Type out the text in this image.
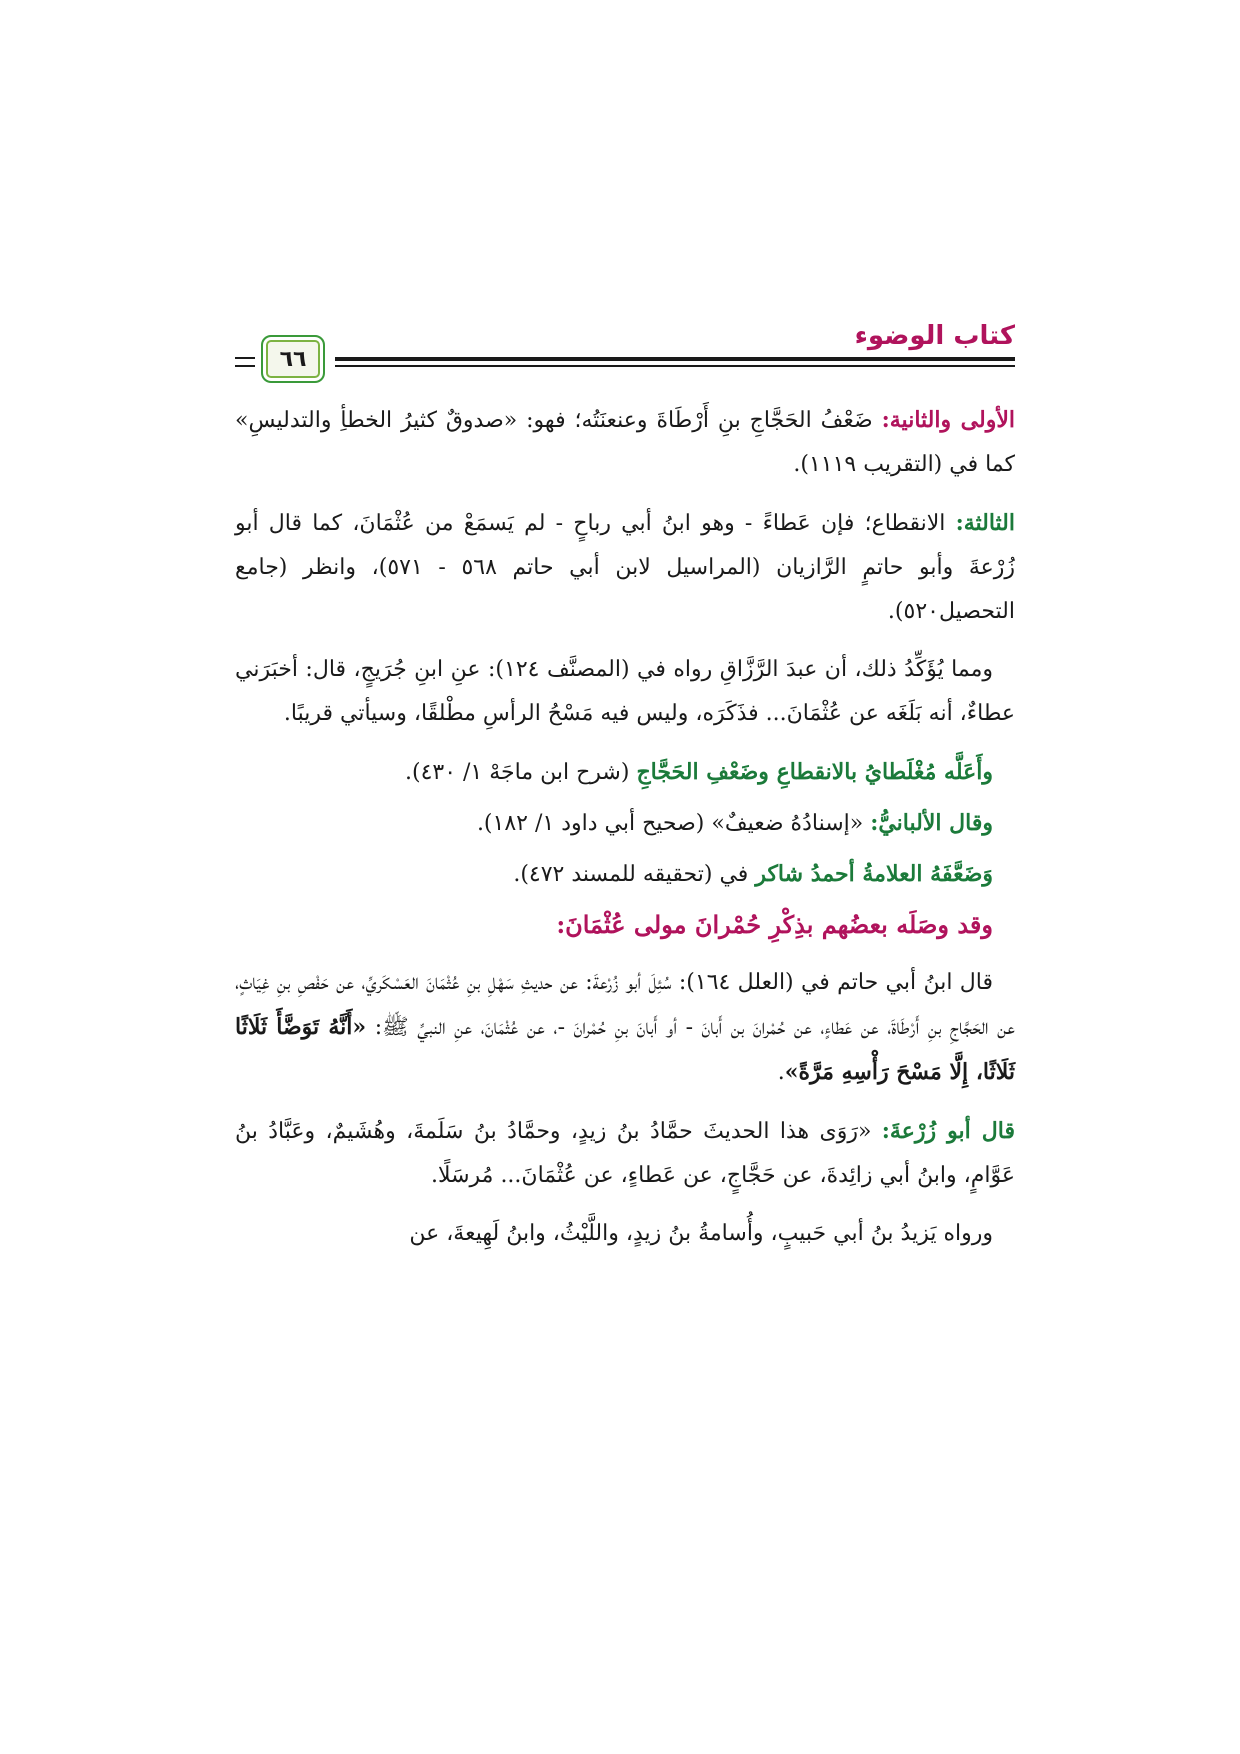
كتاب الوضوء
٦٦

الأولى والثانية: ضَعْفُ الحَجَّاجِ بنِ أَرْطَاةَ وعنعنَتُه؛ فهو: «صدوقٌ كثيرُ الخطأِ والتدليسِ» كما في (التقريب ١١١٩).

الثالثة: الانقطاع؛ فإن عَطاءً - وهو ابنُ أبي رباحٍ - لم يَسمَعْ من عُثْمَانَ، كما قال أبو زُرْعةَ وأبو حاتمٍ الرَّازيان (المراسيل لابن أبي حاتم ٥٦٨ - ٥٧١)، وانظر (جامع التحصيل٥٢٠).

ومما يُؤَكِّدُ ذلك، أن عبدَ الرَّزَّاقِ رواه في (المصنَّف ١٢٤): عنِ ابنِ جُرَيجٍ، قال: أخبَرَني عطاءٌ، أنه بَلَغَه عن عُثْمَانَ... فذَكَرَه، وليس فيه مَسْحُ الرأسِ مطْلقًا، وسيأتي قريبًا.

وأَعَلَّه مُغْلَطايُ بالانقطاعِ وضَعْفِ الحَجَّاجِ (شرح ابن ماجَهْ ١/ ٤٣٠).

وقال الألبانيُّ: «إسنادُهُ ضعيفٌ» (صحيح أبي داود ١/ ١٨٢).

وَضَعَّفَهُ العلامةُ أحمدُ شاكر في (تحقيقه للمسند ٤٧٢).

وقد وصَلَه بعضُهم بذِكْرِ حُمْرانَ مولى عُثْمَانَ:

قال ابنُ أبي حاتم في (العلل ١٦٤): سُئِلَ أبو زُرْعةَ: عن حديثِ سَهْلِ بنِ عُثْمَانَ العَسْكَريِّ، عن حَفْصِ بنِ غِيَاثٍ، عن الحَجَّاجِ بنِ أَرْطَاةَ، عن عَطاءٍ، عن حُمْرانَ بن أَبانَ - أو أَبانَ بنِ حُمْرانَ -، عن عُثْمَانَ، عنِ النبيِّ ﷺ: «أَنَّهُ تَوَضَّأَ ثَلَاثًا ثَلَاثًا، إِلَّا مَسْحَ رَأْسِهِ مَرَّةً».

قال أبو زُرْعةَ: «رَوَى هذا الحديثَ حمَّادُ بنُ زيدٍ، وحمَّادُ بنُ سَلَمةَ، وهُشَيمٌ، وعَبَّادُ بنُ عَوَّامٍ، وابنُ أبي زائِدةَ، عن حَجَّاجٍ، عن عَطاءٍ، عن عُثْمَانَ... مُرسَلًا.

ورواه يَزيدُ بنُ أبي حَبيبٍ، وأُسامةُ بنُ زيدٍ، واللَّيْثُ، وابنُ لَهِيعةَ، عن
